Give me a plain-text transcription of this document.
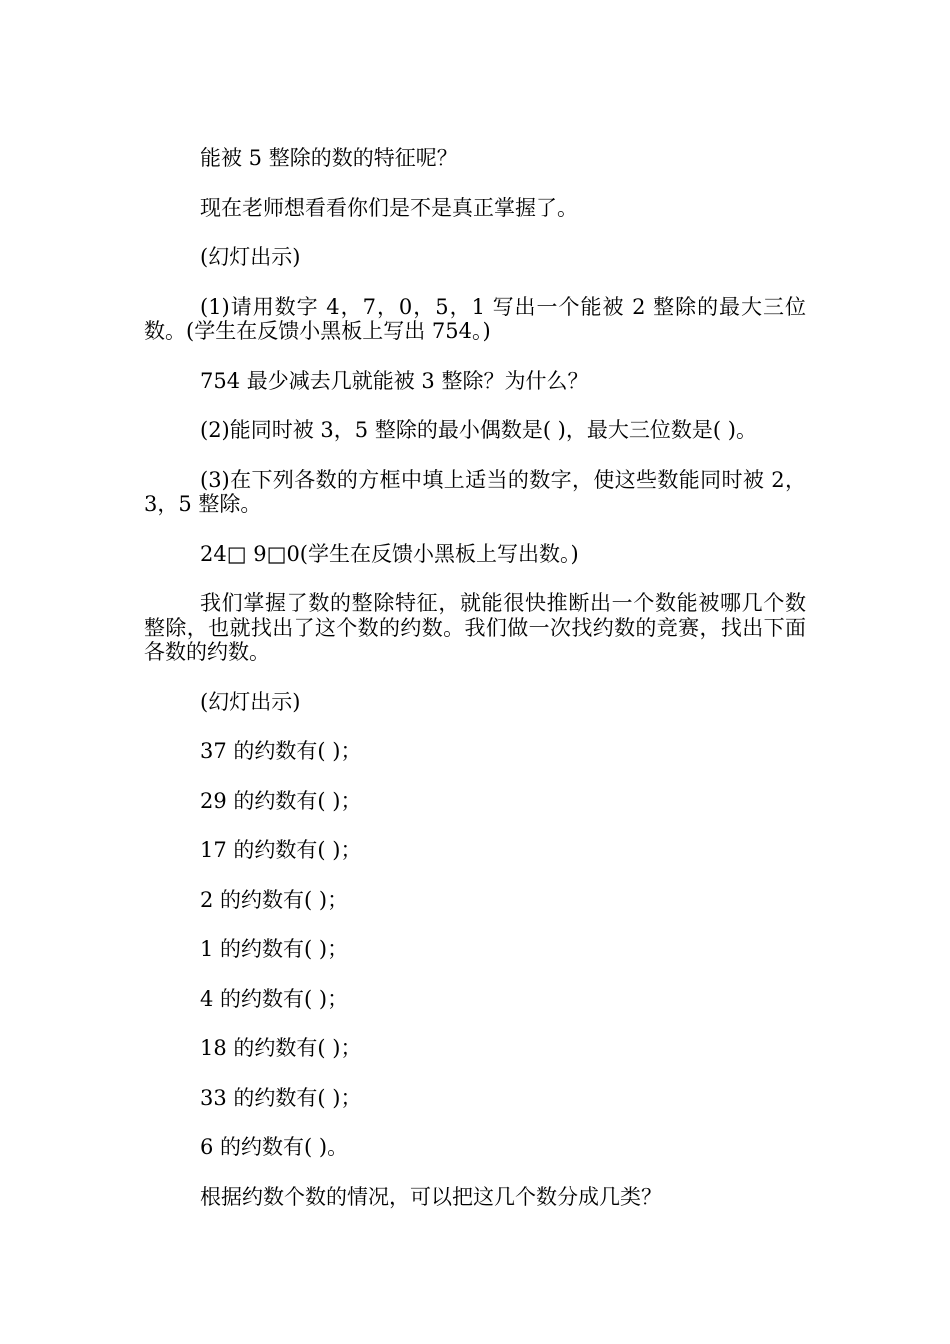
能被 5 整除的数的特征呢？

现在老师想看看你们是不是真正掌握了。

(幻灯出示)

(1)请用数字 4，7，0，5，1 写出一个能被 2 整除的最大三位数。(学生在反馈小黑板上写出 754。)

754 最少减去几就能被 3 整除？为什么？

(2)能同时被 3，5 整除的最小偶数是( )，最大三位数是( )。

(3)在下列各数的方框中填上适当的数字，使这些数能同时被 2，3，5 整除。

24□ 9□0(学生在反馈小黑板上写出数。)

我们掌握了数的整除特征，就能很快推断出一个数能被哪几个数整除，也就找出了这个数的约数。我们做一次找约数的竞赛，找出下面各数的约数。

(幻灯出示)

37 的约数有( )；

29 的约数有( )；

17 的约数有( )；

2 的约数有( )；

1 的约数有( )；

4 的约数有( )；

18 的约数有( )；

33 的约数有( )；

6 的约数有( )。

根据约数个数的情况，可以把这几个数分成几类？
